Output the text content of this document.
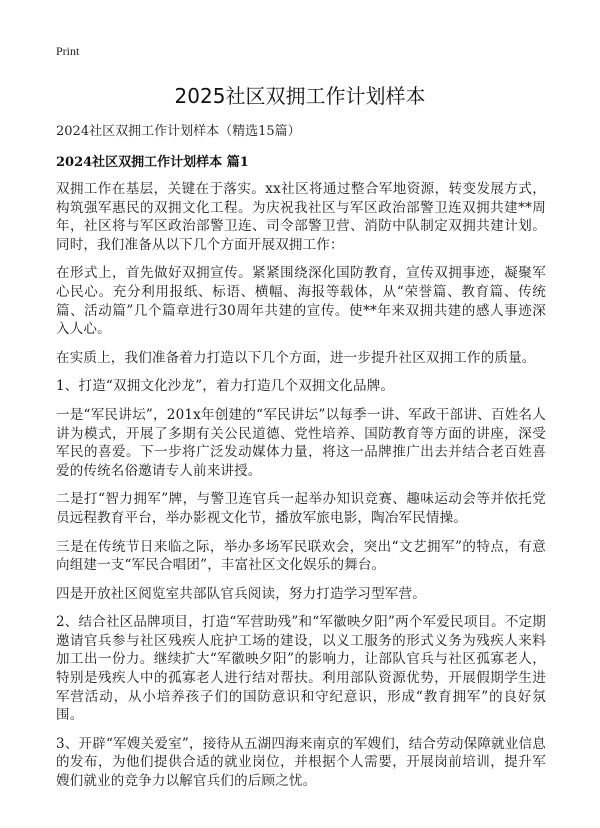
Print
2025社区双拥工作计划样本
2024社区双拥工作计划样本（精选15篇）
2024社区双拥工作计划样本 篇1

双拥工作在基层，关键在于落实。xx社区将通过整合军地资源，转变发展方式，构筑强军惠民的双拥文化工程。为庆祝我社区与军区政治部警卫连双拥共建**周年，社区将与军区政治部警卫连、司令部警卫营、消防中队制定双拥共建计划。同时，我们准备从以下几个方面开展双拥工作：

在形式上，首先做好双拥宣传。紧紧围绕深化国防教育，宣传双拥事迹，凝聚军心民心。充分利用报纸、标语、横幅、海报等载体，从“荣誉篇、教育篇、传统篇、活动篇”几个篇章进行30周年共建的宣传。使**年来双拥共建的感人事迹深入人心。

在实质上，我们准备着力打造以下几个方面，进一步提升社区双拥工作的质量。

1、打造“双拥文化沙龙”，着力打造几个双拥文化品牌。

一是“军民讲坛”，201x年创建的“军民讲坛”以每季一讲、军政干部讲、百姓名人讲为模式，开展了多期有关公民道德、党性培养、国防教育等方面的讲座，深受军民的喜爱。下一步将广泛发动媒体力量，将这一品牌推广出去并结合老百姓喜爱的传统名俗邀请专人前来讲授。

二是打“智力拥军”牌，与警卫连官兵一起举办知识竞赛、趣味运动会等并依托党员远程教育平台，举办影视文化节，播放军旅电影，陶冶军民情操。

三是在传统节日来临之际，举办多场军民联欢会，突出“文艺拥军”的特点，有意向组建一支“军民合唱团”，丰富社区文化娱乐的舞台。

四是开放社区阅览室共部队官兵阅读，努力打造学习型军营。

2、结合社区品牌项目，打造“军营助残”和“军徽映夕阳”两个军爱民项目。不定期邀请官兵参与社区残疾人庇护工场的建设，以义工服务的形式义务为残疾人来料加工出一份力。继续扩大“军徽映夕阳”的影响力，让部队官兵与社区孤寡老人，特别是残疾人中的孤寡老人进行结对帮扶。利用部队资源优势，开展假期学生进军营活动，从小培养孩子们的国防意识和守纪意识，形成“教育拥军”的良好氛围。

3、开辟“军嫂关爱室”，接待从五湖四海来南京的军嫂们，结合劳动保障就业信息的发布，为他们提供合适的就业岗位，并根据个人需要，开展岗前培训，提升军嫂们就业的竞争力以解官兵们的后顾之忧。
